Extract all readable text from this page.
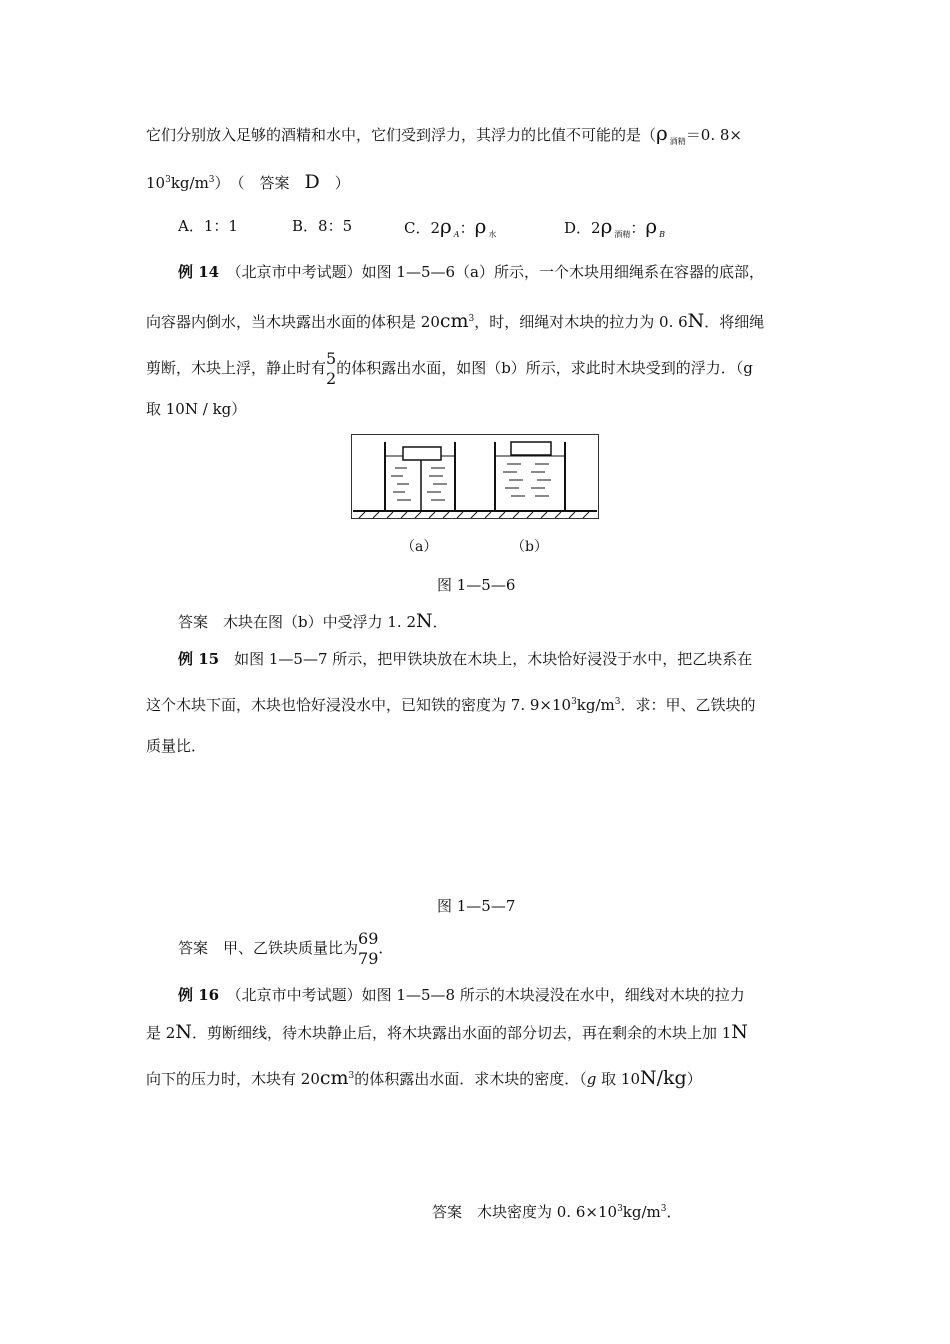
它们分别放入足够的酒精和水中，它们受到浮力，其浮力的比值不可能的是（ρ $_{酒精}$＝0. 8×
$10^3kg/m^3$）　（　答案　D　）
A．1：1	B．8：5	C．2ρ $_A$：ρ $_水$	D．2ρ $_{酒精}$：ρ $_B$
例 14　 （北京市中考试题）如图 1—5—6（a）所示，一个木块用细绳系在容器的底部，
向容器内倒水，当木块露出水面的体积是 $20cm^3$，时，细绳对木块的拉力为 0. 6N．将细绳
剪断，木块上浮，静止时有 5
2
的体积露出水面，如图（b）所示，求此时木块受到的浮力．（g
取 10N / kg）
（a）	（b）
图 1—5—6
答案　木块在图（b）中受浮力 1. 2N．
例 15　 如图 1—5—7 所示，把甲铁块放在木块上，木块恰好浸没于水中，把乙块系在
这个木块下面，木块也恰好浸没水中，已知铁的密度为 7. $9\times 10^3kg/m^3$．求：甲、乙铁块的
质量比．
图 1—5—7
答案　甲、乙铁块质量比为 69
79
．
例 16　 （北京市中考试题）如图 1—5—8 所示的木块浸没在水中，细线对木块的拉力
是 2N．剪断细线，待木块静止后，将木块露出水面的部分切去，再在剩余的木块上加 1N
向下的压力时，木块有 $20cm^3$的体积露出水面．求木块的密度．（g 取 10N/kg）
答案　木块密度为 0. $6\times 10^3kg/m^3$．
